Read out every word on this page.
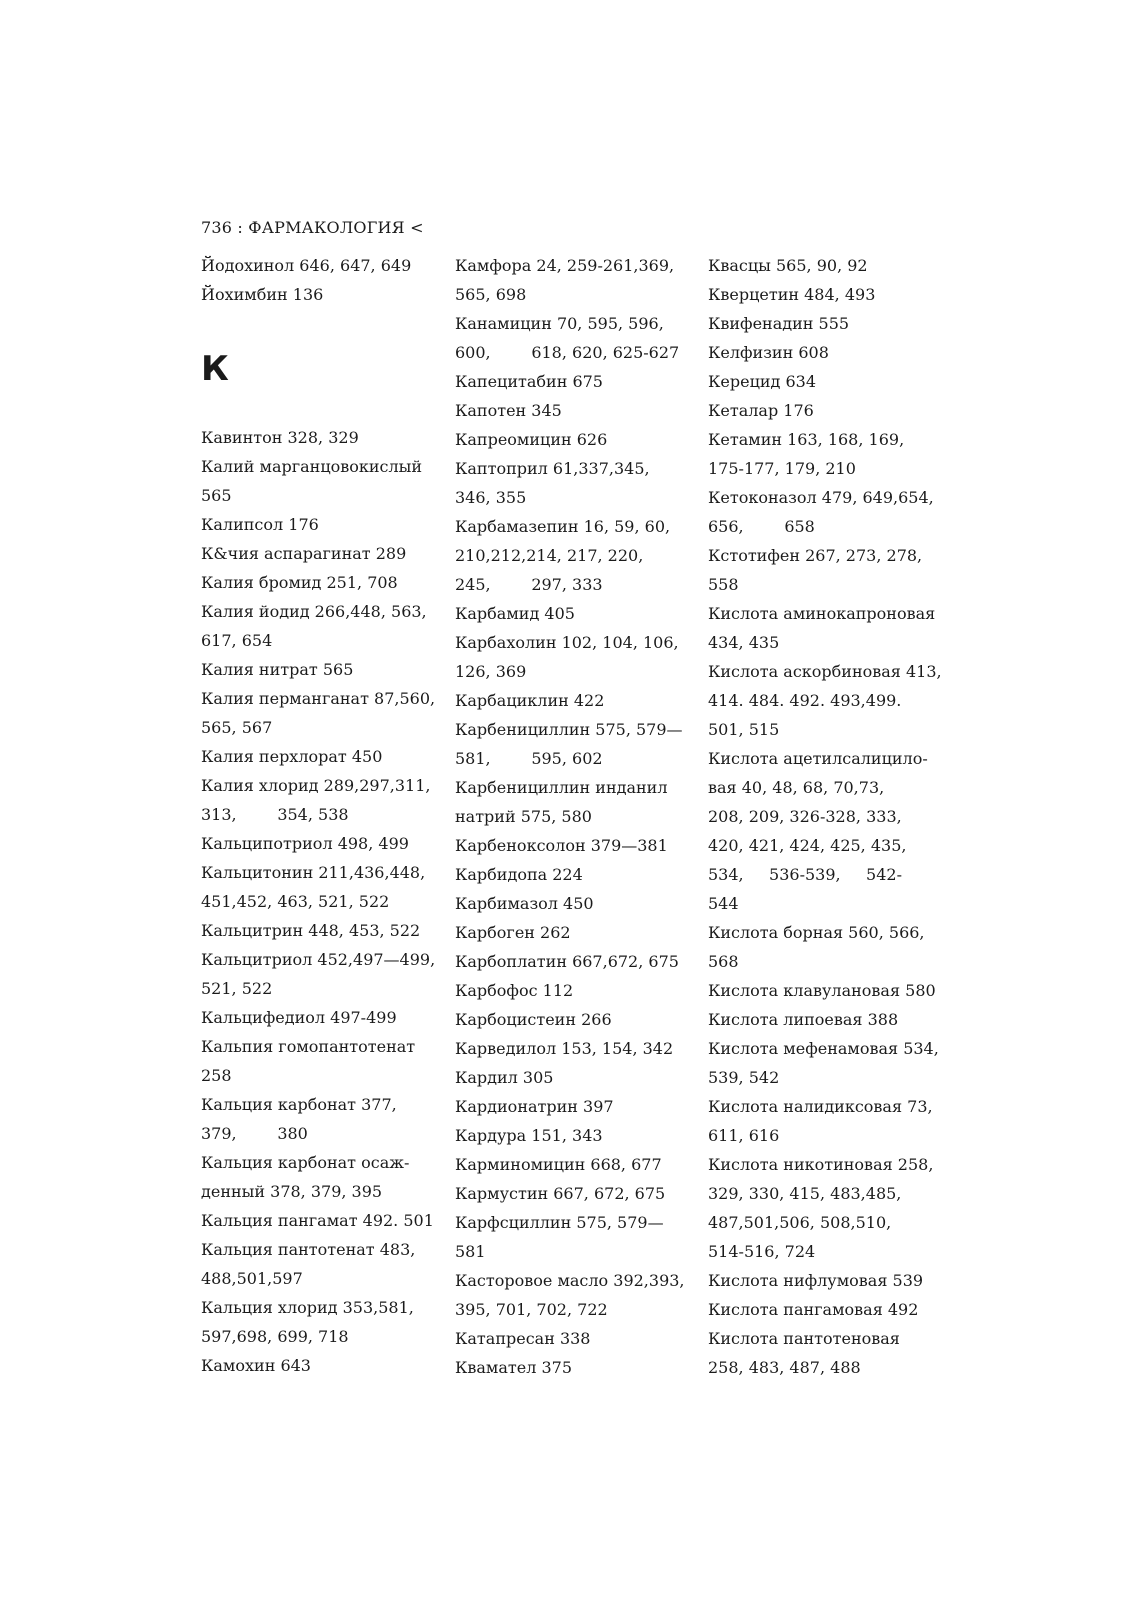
736 : ФАРМАКОЛОГИЯ <
Йодохинол 646, 647, 649
Йохимбин 136
К
Кавинтон 328, 329
Калий марганцовокислый
565
Калипсол 176
К&чия аспарагинат 289
Калия бромид 251, 708
Калия йодид 266,448, 563,
617, 654
Калия нитрат 565
Калия перманганат 87,560,
565, 567
Калия перхлорат 450
Калия хлорид 289,297,311,
313,        354, 538
Кальципотриол 498, 499
Кальцитонин 211,436,448,
451,452, 463, 521, 522
Кальцитрин 448, 453, 522
Кальцитриол 452,497—499,
521, 522
Кальцифедиол 497-499
Кальпия гомопантотенат
258
Кальция карбонат 377,
379,        380
Кальция карбонат осаж-
денный 378, 379, 395
Кальция пангамат 492. 501
Кальция пантотенат 483,
488,501,597
Кальция хлорид 353,581,
597,698, 699, 718
Камохин 643
Камфора 24, 259-261,369,
565, 698
Канамицин 70, 595, 596,
600,        618, 620, 625-627
Капецитабин 675
Капотен 345
Капреомицин 626
Каптоприл 61,337,345,
346, 355
Карбамазепин 16, 59, 60,
210,212,214, 217, 220,
245,        297, 333
Карбамид 405
Карбахолин 102, 104, 106,
126, 369
Карбациклин 422
Карбенициллин 575, 579—
581,        595, 602
Карбенициллин инданил
натрий 575, 580
Карбеноксолон 379—381
Карбидопа 224
Карбимазол 450
Карбоген 262
Карбоплатин 667,672, 675
Карбофос 112
Карбоцистеин 266
Карведилол 153, 154, 342
Кардил 305
Кардионатрин 397
Кардура 151, 343
Карминомицин 668, 677
Кармустин 667, 672, 675
Карфсциллин 575, 579—
581
Касторовое масло 392,393,
395, 701, 702, 722
Катапресан 338
Квамател 375
Квасцы 565, 90, 92
Кверцетин 484, 493
Квифенадин 555
Келфизин 608
Керецид 634
Кеталар 176
Кетамин 163, 168, 169,
175-177, 179, 210
Кетоконазол 479, 649,654,
656,        658
Кстотифен 267, 273, 278,
558
Кислота аминокапроновая
434, 435
Кислота аскорбиновая 413,
414. 484. 492. 493,499.
501, 515
Кислота ацетилсалицило-
вая 40, 48, 68, 70,73,
208, 209, 326-328, 333,
420, 421, 424, 425, 435,
534,     536-539,     542-
544
Кислота борная 560, 566,
568
Кислота клавулановая 580
Кислота липоевая 388
Кислота мефенамовая 534,
539, 542
Кислота налидиксовая 73,
611, 616
Кислота никотиновая 258,
329, 330, 415, 483,485,
487,501,506, 508,510,
514-516, 724
Кислота нифлумовая 539
Кислота пангамовая 492
Кислота пантотеновая
258, 483, 487, 488
